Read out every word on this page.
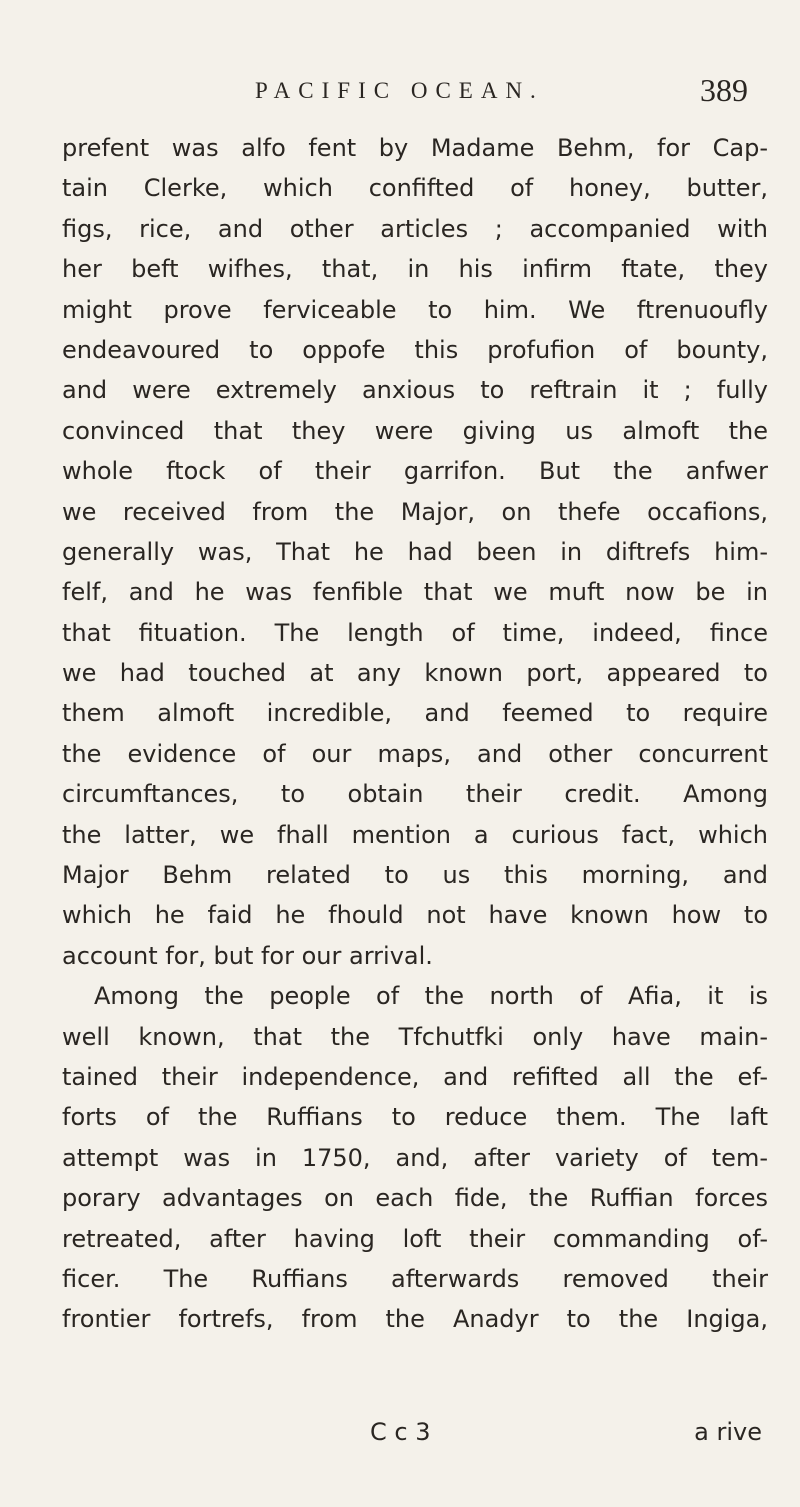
PACIFIC OCEAN.	389
prefent was alfo fent by Madame Behm, for Cap-
tain Clerke, which confifted of honey, butter,
figs, rice, and other articles ; accompanied with
her beft wifhes, that, in his infirm ftate, they
might prove ferviceable to him. We ftrenuoufly
endeavoured to oppofe this profufion of bounty,
and were extremely anxious to reftrain it ; fully
convinced that they were giving us almoft the
whole ftock of their garrifon. But the anfwer
we received from the Major, on thefe occafions,
generally was, That he had been in diftrefs him-
felf, and he was fenfible that we muft now be in
that fituation. The length of time, indeed, fince
we had touched at any known port, appeared to
them almoft incredible, and feemed to require
the evidence of our maps, and other concurrent
circumftances, to obtain their credit. Among
the latter, we fhall mention a curious fact, which
Major Behm related to us this morning, and
which he faid he fhould not have known how to
account for, but for our arrival.
Among the people of the north of Afia, it is
well known, that the Tfchutfki only have main-
tained their independence, and refifted all the ef-
forts of the Ruffians to reduce them. The laft
attempt was in 1750, and, after variety of tem-
porary advantages on each fide, the Ruffian forces
retreated, after having loft their commanding of-
ficer. The Ruffians afterwards removed their
frontier fortrefs, from the Anadyr to the Ingiga,
C c 3	a rive
